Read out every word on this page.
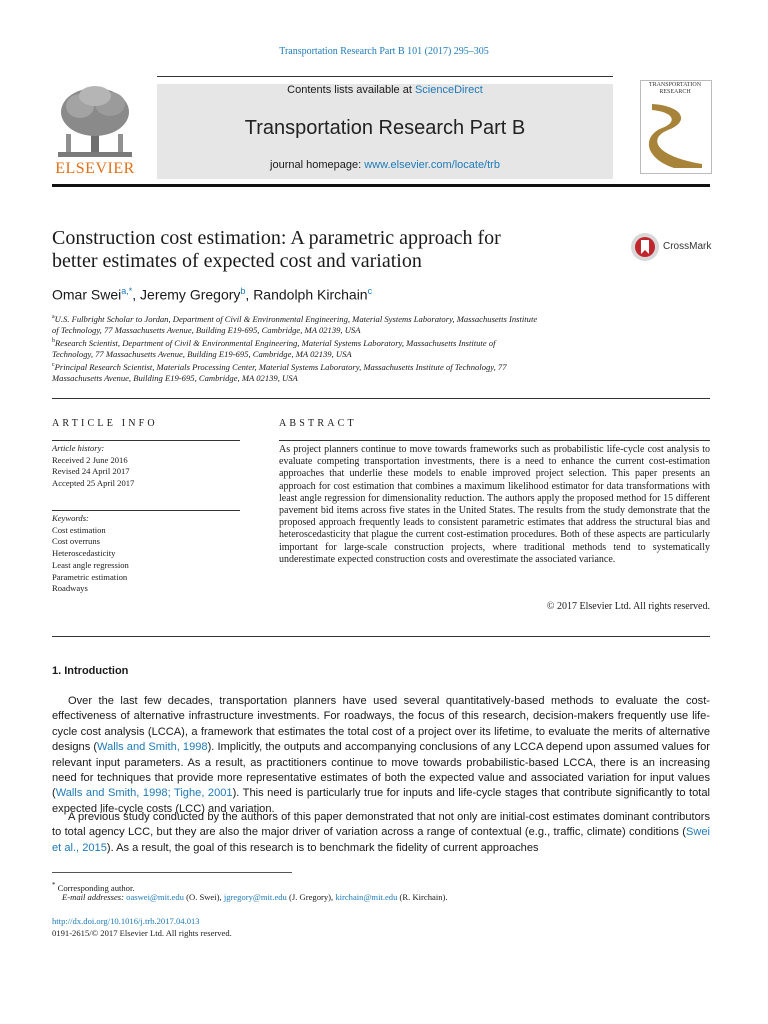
Transportation Research Part B 101 (2017) 295–305
Contents lists available at ScienceDirect
Transportation Research Part B
journal homepage: www.elsevier.com/locate/trb
ELSEVIER
TRANSPORTATION RESEARCH
Construction cost estimation: A parametric approach for
better estimates of expected cost and variation
CrossMark
Omar Swei$^{a,*}$, Jeremy Gregory$^b$, Randolph Kirchain$^c$
$^a$U.S. Fulbright Scholar to Jordan, Department of Civil & Environmental Engineering, Material Systems Laboratory, Massachusetts Institute
of Technology, 77 Massachusetts Avenue, Building E19-695, Cambridge, MA 02139, USA
$^b$Research Scientist, Department of Civil & Environmental Engineering, Material Systems Laboratory, Massachusetts Institute of
Technology, 77 Massachusetts Avenue, Building E19-695, Cambridge, MA 02139, USA
$^c$Principal Research Scientist, Materials Processing Center, Material Systems Laboratory, Massachusetts Institute of Technology, 77
Massachusetts Avenue, Building E19-695, Cambridge, MA 02139, USA
ARTICLE INFO	ABSTRACT
Article history:
Received 2 June 2016
Revised 24 April 2017
Accepted 25 April 2017
Keywords:
Cost estimation
Cost overruns
Heteroscedasticity
Least angle regression
Parametric estimation
Roadways
As project planners continue to move towards frameworks such as probabilistic life-cycle cost analysis to evaluate competing transportation investments, there is a need to enhance the current cost-estimation approaches that underlie these models to enable improved project selection. This paper presents an approach for cost estimation that combines a maximum likelihood estimator for data transformations with least angle regression for dimensionality reduction. The authors apply the proposed method for 15 different pavement bid items across five states in the United States. The results from the study demonstrate that the proposed approach frequently leads to consistent parametric estimates that address the structural bias and heteroscedasticity that plague the current cost-estimation procedures. Both of these aspects are particularly important for large-scale construction projects, where traditional methods tend to systematically underestimate expected construction costs and overestimate the associated variance.
© 2017 Elsevier Ltd. All rights reserved.
1. Introduction
Over the last few decades, transportation planners have used several quantitatively-based methods to evaluate the cost-effectiveness of alternative infrastructure investments. For roadways, the focus of this research, decision-makers frequently use life-cycle cost analysis (LCCA), a framework that estimates the total cost of a project over its lifetime, to evaluate the merits of alternative designs (Walls and Smith, 1998). Implicitly, the outputs and accompanying conclusions of any LCCA depend upon assumed values for relevant input parameters. As a result, as practitioners continue to move towards probabilistic-based LCCA, there is an increasing need for techniques that provide more representative estimates of both the expected value and associated variation for input values (Walls and Smith, 1998; Tighe, 2001). This need is particularly true for inputs and life-cycle stages that contribute significantly to total expected life-cycle costs (LCC) and variation.
A previous study conducted by the authors of this paper demonstrated that not only are initial-cost estimates dominant contributors to total agency LCC, but they are also the major driver of variation across a range of contextual (e.g., traffic, climate) conditions (Swei et al., 2015). As a result, the goal of this research is to benchmark the fidelity of current approaches
* Corresponding author.
E-mail addresses: oaswei@mit.edu (O. Swei), jgregory@mit.edu (J. Gregory), kirchain@mit.edu (R. Kirchain).
http://dx.doi.org/10.1016/j.trb.2017.04.013
0191-2615/© 2017 Elsevier Ltd. All rights reserved.
